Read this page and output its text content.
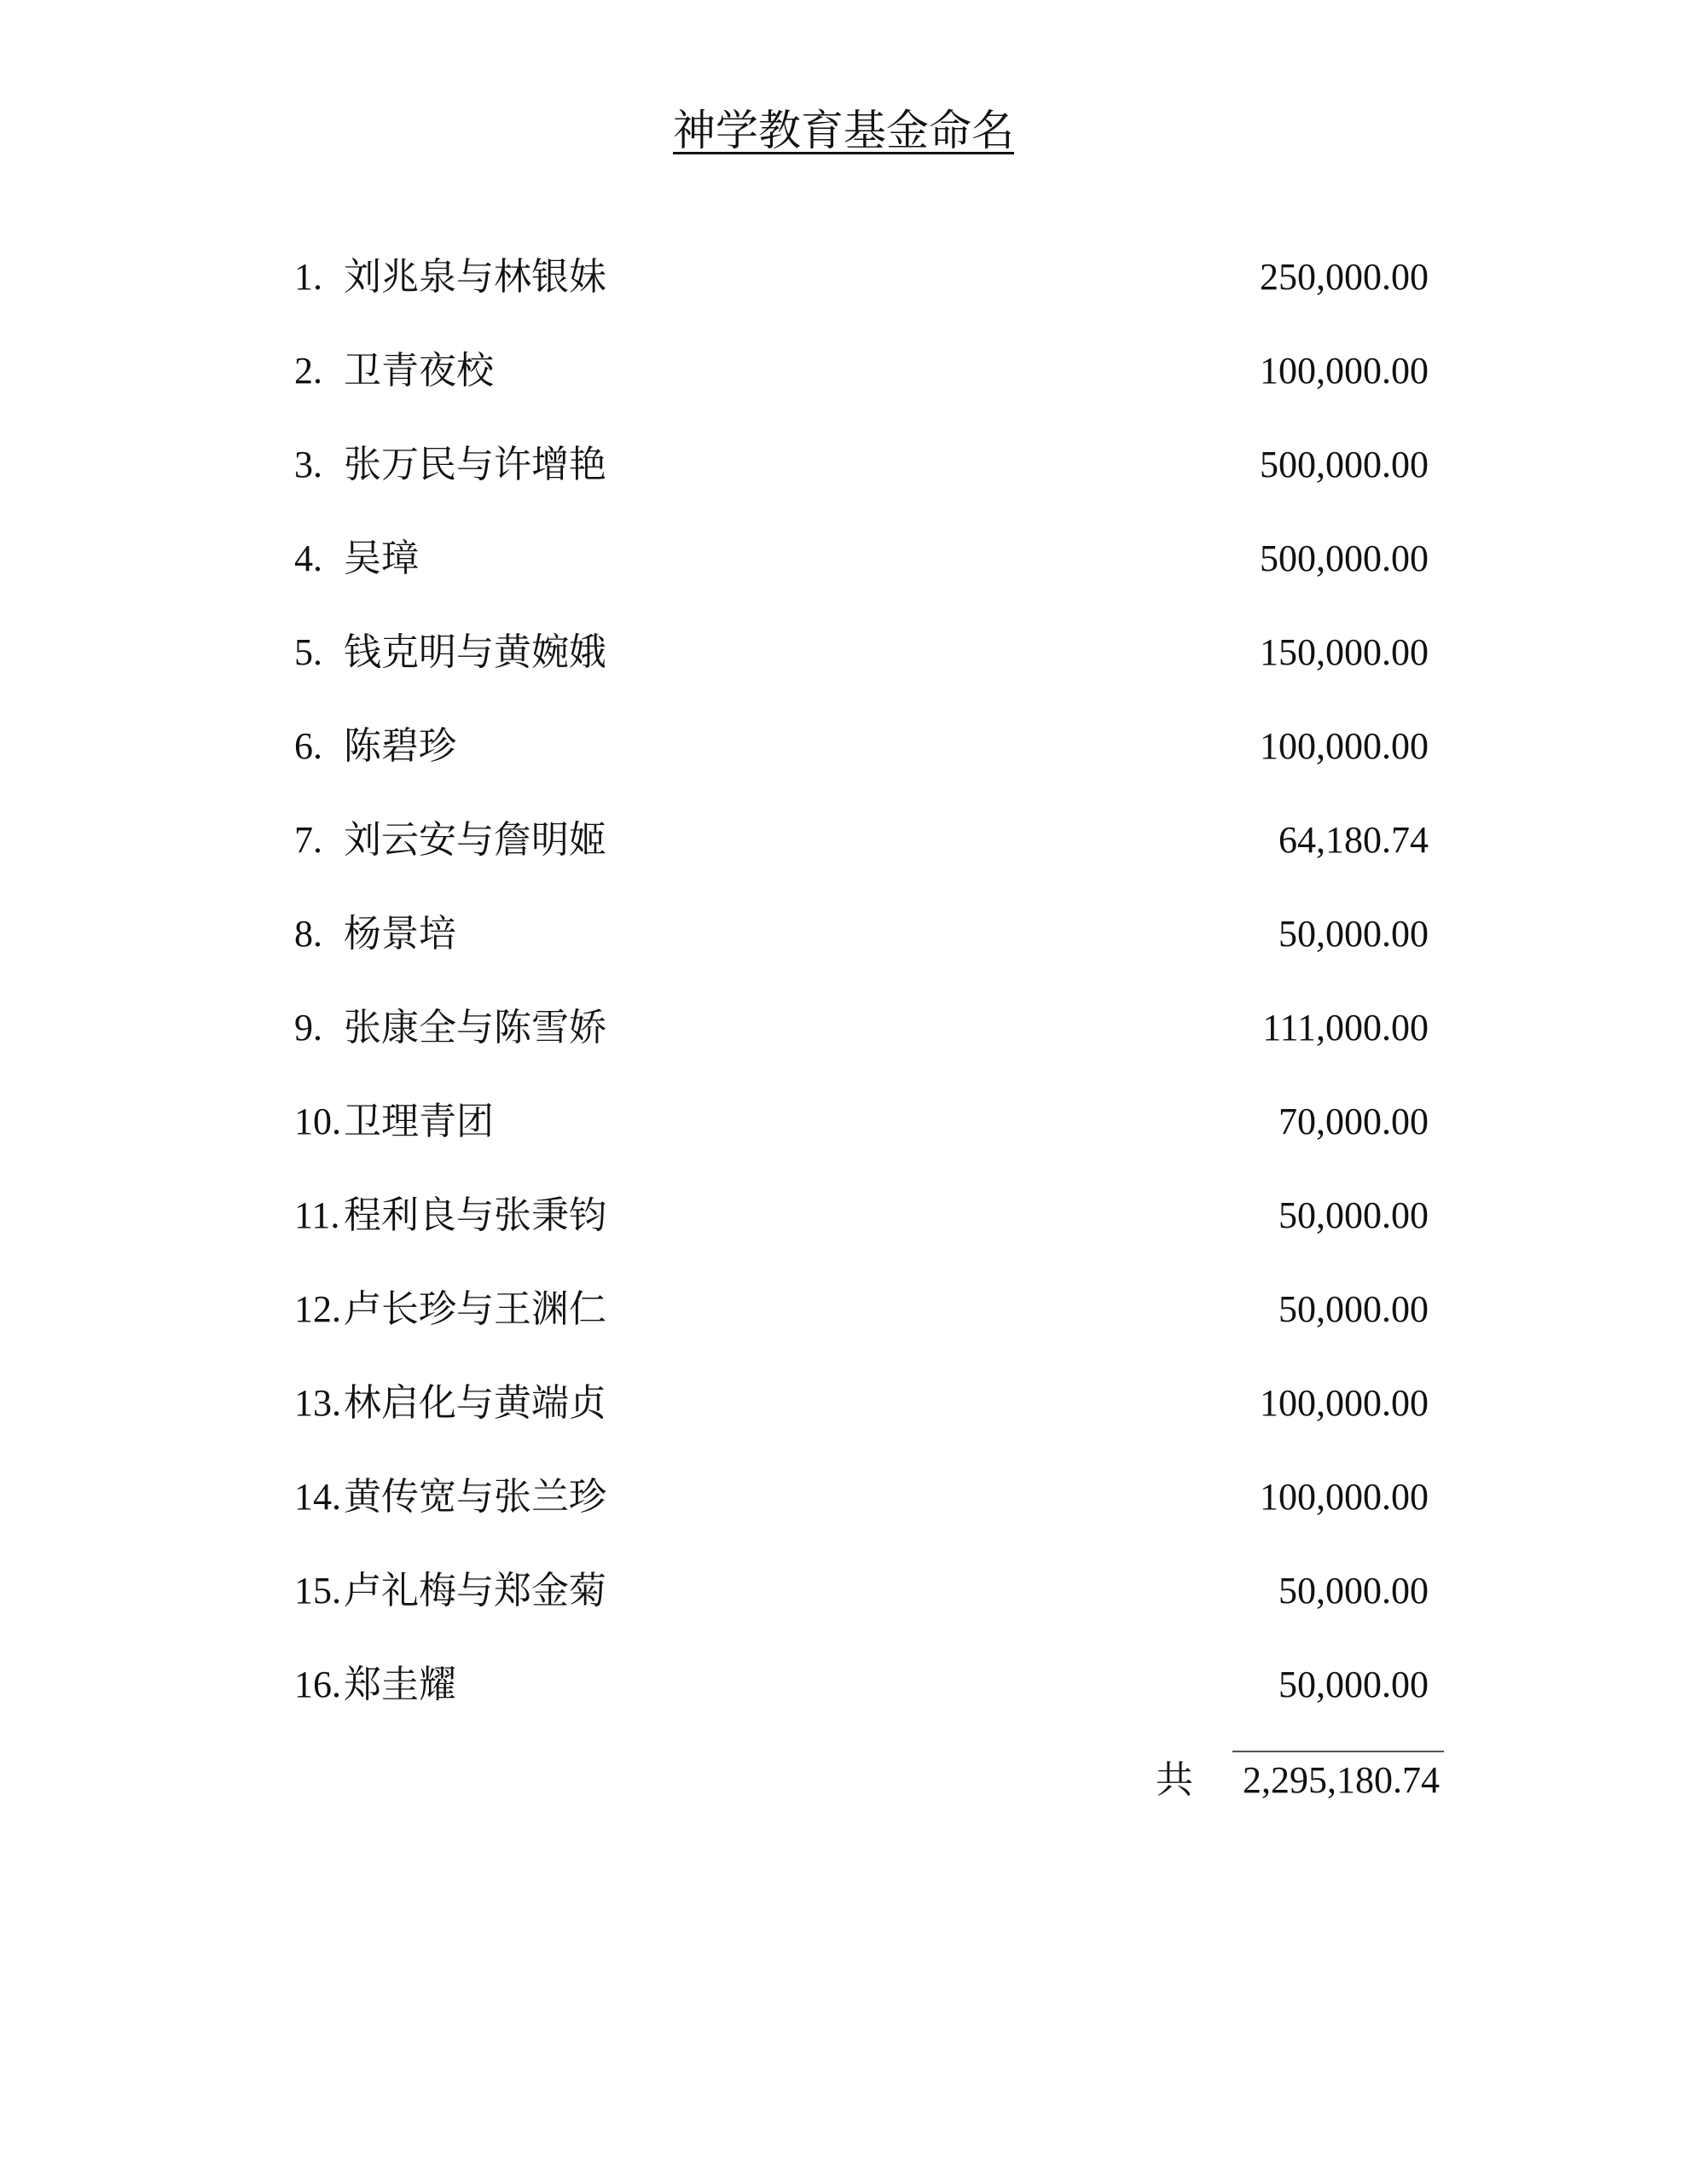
神学教育基金命名
1. 刘兆泉与林银妹	250,000.00
2. 卫青夜校	100,000.00
3. 张万民与许增艳	500,000.00
4. 吴璋	500,000.00
5. 钱克明与黄婉娥	150,000.00
6. 陈碧珍	100,000.00
7. 刘云安与詹明姬	64,180.74
8. 杨景培	50,000.00
9. 张康全与陈雪娇	111,000.00
10. 卫理青团	70,000.00
11. 程利良与张秉钧	50,000.00
12. 卢长珍与王渊仁	50,000.00
13. 林启化与黄端贞	100,000.00
14. 黄传宽与张兰珍	100,000.00
15. 卢礼梅与郑金菊	50,000.00
16. 郑圭耀	50,000.00
共 2,295,180.74
